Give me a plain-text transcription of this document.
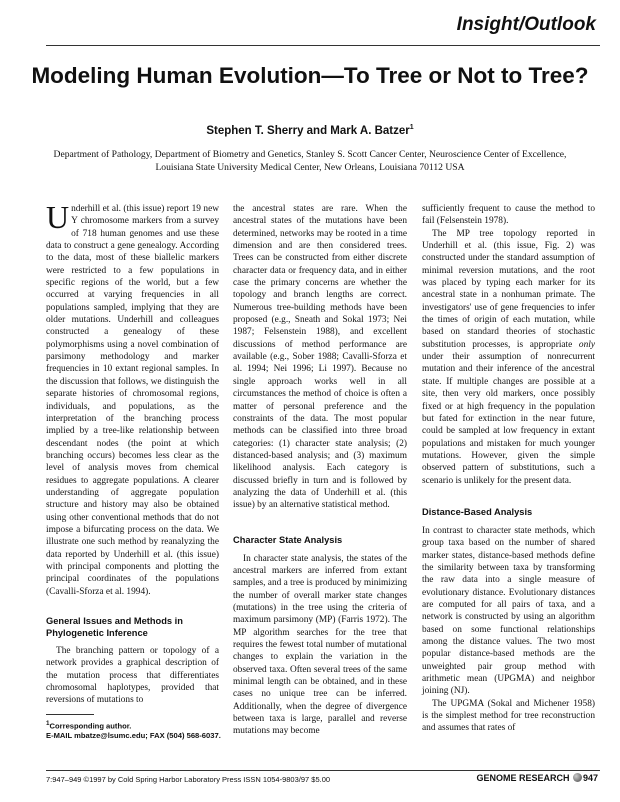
Insight/Outlook
Modeling Human Evolution—To Tree or Not to Tree?
Stephen T. Sherry and Mark A. Batzer$^1$
Department of Pathology, Department of Biometry and Genetics, Stanley S. Scott Cancer Center, Neuroscience Center of Excellence, Louisiana State University Medical Center, New Orleans, Louisiana 70112 USA

Underhill et al. (this issue) report 19 new Y chromosome markers from a survey of 718 human genomes and use these data to construct a gene genealogy. According to the data, most of these biallelic markers were restricted to a few populations in specific regions of the world, but a few occurred at varying frequencies in all populations sampled, implying that they are older mutations. Underhill and colleagues constructed a genealogy of these polymorphisms using a novel combination of parsimony methodology and marker frequencies in 10 extant regional samples. In the discussion that follows, we distinguish the separate histories of chromosomal regions, individuals, and populations, as the interpretation of the branching process implied by a tree-like relationship between descendant nodes (the point at which branching occurs) becomes less clear as the level of analysis moves from chemical residues to aggregate populations. A clearer understanding of aggregate population structure and history may also be obtained using other conventional methods that do not impose a bifurcating process on the data. We illustrate one such method by reanalyzing the data reported by Underhill et al. (this issue) with principal components and plotting the principal coordinates of the populations (Cavalli-Sforza et al. 1994).

General Issues and Methods in Phylogenetic Inference

The branching pattern or topology of a network provides a graphical description of the mutation process that differentiates chromosomal haplotypes, provided that reversions of mutations to

the ancestral states are rare. When the ancestral states of the mutations have been determined, networks may be rooted in a time dimension and are then considered trees. Trees can be constructed from either discrete character data or frequency data, and in either case the primary concerns are whether the topology and branch lengths are correct. Numerous tree-building methods have been proposed (e.g., Sneath and Sokal 1973; Nei 1987; Felsenstein 1988), and excellent discussions of method performance are available (e.g., Sober 1988; Cavalli-Sforza et al. 1994; Nei 1996; Li 1997). Because no single approach works well in all circumstances the method of choice is often a matter of personal preference and the constraints of the data. The most popular methods can be classified into three broad categories: (1) character state analysis; (2) distanced-based analysis; and (3) maximum likelihood analysis. Each category is discussed briefly in turn and is followed by analyzing the data of Underhill et al. (this issue) by an alternative statistical method.

Character State Analysis

In character state analysis, the states of the ancestral markers are inferred from extant samples, and a tree is produced by minimizing the number of overall marker state changes (mutations) in the tree using the criteria of maximum parsimony (MP) (Farris 1972). The MP algorithm searches for the tree that requires the fewest total number of mutational changes to explain the variation in the observed taxa. Often several trees of the same minimal length can be obtained, and in these cases no unique tree can be inferred. Additionally, when the degree of divergence between taxa is large, parallel and reverse mutations may become

sufficiently frequent to cause the method to fail (Felsenstein 1978).

The MP tree topology reported in Underhill et al. (this issue, Fig. 2) was constructed under the standard assumption of minimal reversion mutations, and the root was placed by typing each marker for its ancestral state in a nonhuman primate. The investigators' use of gene frequencies to infer the times of origin of each mutation, while based on standard theories of stochastic substitution processes, is appropriate only under their assumption of nonrecurrent mutation and their inference of the ancestral state. If multiple changes are possible at a site, then very old markers, once possibly fixed or at high frequency in the population but fated for extinction in the near future, could be sampled at low frequency in extant populations and mistaken for much younger mutations. However, given the simple observed pattern of substitutions, such a scenario is unlikely for the present data.

Distance-Based Analysis

In contrast to character state methods, which group taxa based on the number of shared marker states, distance-based methods define the similarity between taxa by transforming the raw data into a single measure of evolutionary distance. Evolutionary distances are computed for all pairs of taxa, and a network is constructed by using an algorithm based on some functional relationships among the distance values. The two most popular distance-based methods are the unweighted pair group method with arithmetic mean (UPGMA) and neighbor joining (NJ).

The UPGMA (Sokal and Michener 1958) is the simplest method for tree reconstruction and assumes that rates of

$^1$Corresponding author.
E-MAIL mbatze@lsumc.edu; FAX (504) 568-6037.
7:947–949 ©1997 by Cold Spring Harbor Laboratory Press ISSN 1054-9803/97 $5.00	GENOME RESEARCH 947
